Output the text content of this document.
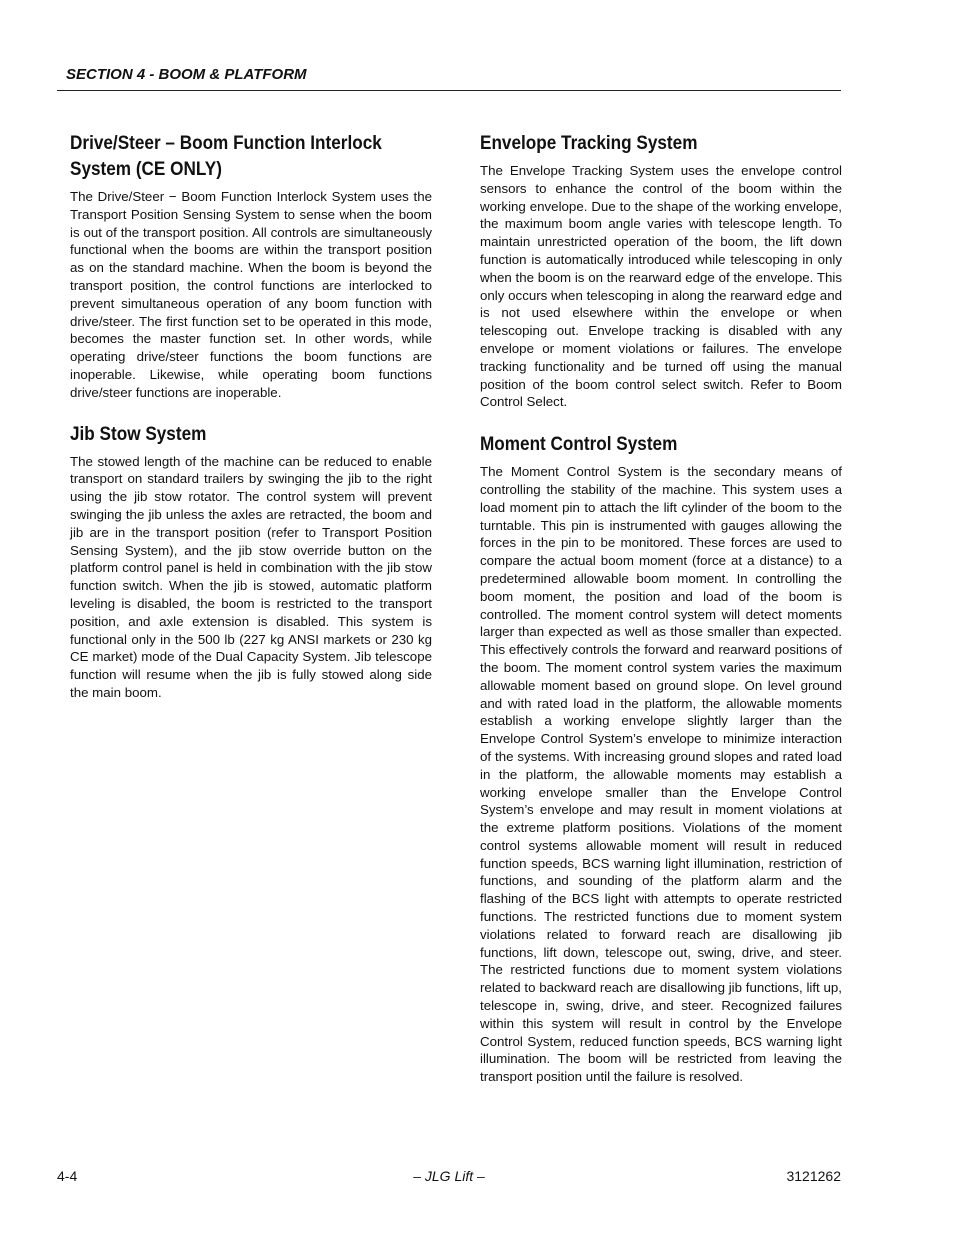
SECTION 4 - BOOM & PLATFORM
Drive/Steer – Boom Function Interlock System (CE ONLY)

The Drive/Steer − Boom Function Interlock System uses the Transport Position Sensing System to sense when the boom is out of the transport position. All controls are simultaneously functional when the booms are within the transport position as on the standard machine. When the boom is beyond the transport position, the control functions are interlocked to prevent simultaneous operation of any boom function with drive/steer. The first function set to be operated in this mode, becomes the master function set. In other words, while operating drive/steer functions the boom functions are inoperable. Likewise, while operating boom functions drive/steer functions are inoperable.

Jib Stow System

The stowed length of the machine can be reduced to enable transport on standard trailers by swinging the jib to the right using the jib stow rotator. The control system will prevent swinging the jib unless the axles are retracted, the boom and jib are in the transport position (refer to Transport Position Sensing System), and the jib stow override button on the platform control panel is held in combination with the jib stow function switch. When the jib is stowed, automatic platform leveling is disabled, the boom is restricted to the transport position, and axle extension is disabled. This system is functional only in the 500 lb (227 kg ANSI markets or 230 kg CE market) mode of the Dual Capacity System. Jib telescope function will resume when the jib is fully stowed along side the main boom.

Envelope Tracking System

The Envelope Tracking System uses the envelope control sensors to enhance the control of the boom within the working envelope. Due to the shape of the working envelope, the maximum boom angle varies with telescope length. To maintain unrestricted operation of the boom, the lift down function is automatically introduced while telescoping in only when the boom is on the rearward edge of the envelope. This only occurs when telescoping in along the rearward edge and is not used elsewhere within the envelope or when telescoping out. Envelope tracking is disabled with any envelope or moment violations or failures. The envelope tracking functionality and be turned off using the manual position of the boom control select switch. Refer to Boom Control Select.

Moment Control System

The Moment Control System is the secondary means of controlling the stability of the machine. This system uses a load moment pin to attach the lift cylinder of the boom to the turntable. This pin is instrumented with gauges allowing the forces in the pin to be monitored. These forces are used to compare the actual boom moment (force at a distance) to a predetermined allowable boom moment. In controlling the boom moment, the position and load of the boom is controlled. The moment control system will detect moments larger than expected as well as those smaller than expected. This effectively controls the forward and rearward positions of the boom. The moment control system varies the maximum allowable moment based on ground slope. On level ground and with rated load in the platform, the allowable moments establish a working envelope slightly larger than the Envelope Control System’s envelope to minimize interaction of the systems. With increasing ground slopes and rated load in the platform, the allowable moments may establish a working envelope smaller than the Envelope Control System’s envelope and may result in moment violations at the extreme platform positions. Violations of the moment control systems allowable moment will result in reduced function speeds, BCS warning light illumination, restriction of functions, and sounding of the platform alarm and the flashing of the BCS light with attempts to operate restricted functions. The restricted functions due to moment system violations related to forward reach are disallowing jib functions, lift down, telescope out, swing, drive, and steer. The restricted functions due to moment system violations related to backward reach are disallowing jib functions, lift up, telescope in, swing, drive, and steer. Recognized failures within this system will result in control by the Envelope Control System, reduced function speeds, BCS warning light illumination. The boom will be restricted from leaving the transport position until the failure is resolved.

4-4	– JLG Lift –	3121262
